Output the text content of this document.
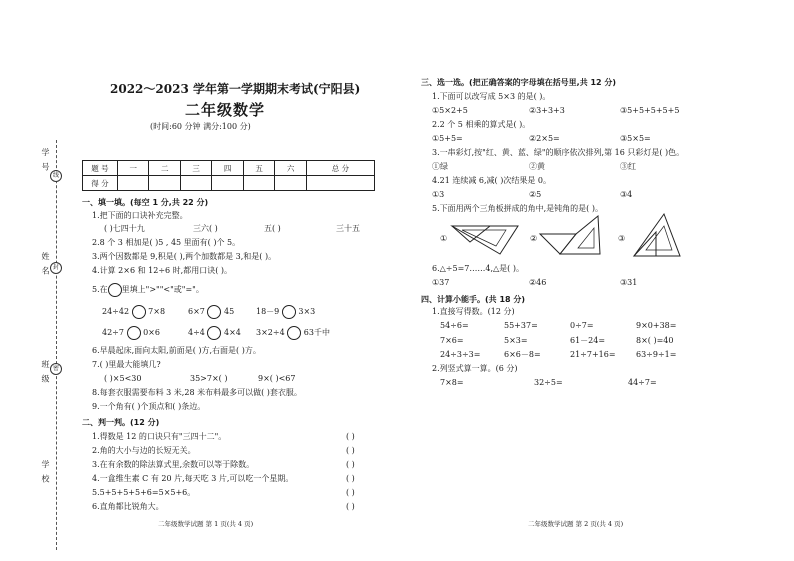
学 号
线
姓 名 封
班 级 密
学 校
2022～2023 学年第一学期期末考试(宁阳县)
二年级数学
(时间:60 分钟 满分:100 分)
题 号	一	二	三	四	五	六	总 分
得 分							
一、填一填。(每空 1 分,共 22 分)
1.把下面的口诀补充完整。
( )七四十九	三六( )	五( )	三十五
2.8 个 3 相加是( )5 , 45 里面有( )个 5。
3.两个因数都是 9,积是( ),两个加数都是 3,和是( )。
4.计算 2×6 和 12÷6 时,都用口诀( )。
5.在 里填上">""<"或"="。
24÷42 7×8	6×7 45	18－9 3×3
42÷7 0×6	4÷4 4×4 3×2÷4 63千中
6.早晨起床,面向太阳,前面是( )方,右面是( )方。
7.( )里最大能填几?
( )×5<30	35>7×( )	9×( )<67
8.每套衣服需要布料 3 米,28 米布料最多可以做( )套衣服。
9.一个角有( )个顶点和( )条边。
二、判一判。(12 分)
1.得数是 12 的口诀只有"三四十二"。	( )
2.角的大小与边的长短无关。	( )
3.在有余数的除法算式里,余数可以等于除数。	( )
4.一盒维生素 C 有 20 片,每天吃 3 片,可以吃一个星期。	( )
5.5+5+5+5+6=5×5+6。	( )
6.直角都比锐角大。	( )
二年级数学试题 第 1 页(共 4 页)
三、选一选。(把正确答案的字母填在括号里,共 12 分)
1.下面可以改写成 5×3 的是( )。
①5×2+5	②3+3+3	③5+5+5+5+5
2.2 个 5 相乘的算式是( )。
①5+5=	②2×5=	③5×5=
3.一串彩灯,按"红、黄、蓝、绿"的顺序依次排列,第 16 只彩灯是( )色。
①绿	②黄	③红
4.21 连续减 6,减( )次结果是 0。
①3	②5	③4
5.下面用两个三角板拼成的角中,是钝角的是( )。
①	②	③
6.△÷5=7……4,△是( )。
①37	②46	③31
四、计算小能手。(共 18 分)
1.直接写得数。(12 分)
54÷6=	55+37=	0÷7=	9×0+38=
7×6=	5×3=	61－24=	8×( )=40
24÷3÷3=	6×6－8=	21÷7+16=	63÷9÷1=
2.列竖式算一算。(6 分)
7×8=	32÷5=	44÷7=
二年级数学试题 第 2 页(共 4 页)
